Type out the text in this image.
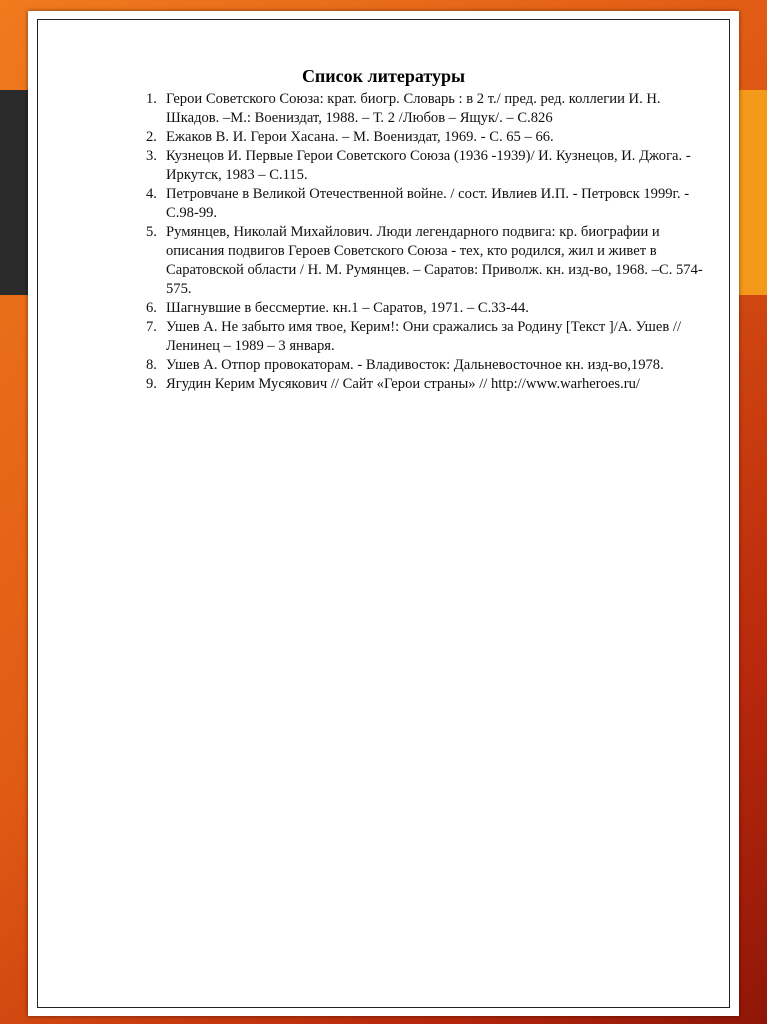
Список литературы
1. Герои Советского Союза: крат. биогр. Словарь : в 2 т./ пред. ред. коллегии И. Н. Шкадов. –М.: Воениздат, 1988. – Т. 2 /Любов – Ящук/. – С.826
2. Ежаков В. И. Герои Хасана. – М. Воениздат, 1969. - С. 65 – 66.
3. Кузнецов И. Первые Герои Советского Союза (1936 -1939)/ И. Кузнецов, И. Джога. - Иркутск, 1983 – С.115.
4. Петровчане в Великой Отечественной войне. / сост. Ивлиев И.П. - Петровск 1999г. - С.98-99.
5. Румянцев, Николай Михайлович. Люди легендарного подвига: кр. биографии и описания подвигов Героев Советского Союза - тех, кто родился, жил и живет в Саратовской области / Н. М. Румянцев. – Саратов: Приволж. кн. изд-во, 1968. –С. 574-575.
6. Шагнувшие в бессмертие. кн.1 – Саратов, 1971. – С.33-44.
7. Ушев А. Не забыто имя твое, Керим!: Они сражались за Родину [Текст ]/А. Ушев // Ленинец – 1989 – 3 января.
8. Ушев А. Отпор провокаторам. - Владивосток: Дальневосточное кн. изд-во,1978.
9. Ягудин Керим Мусякович // Сайт «Герои страны» // http://www.warheroes.ru/
